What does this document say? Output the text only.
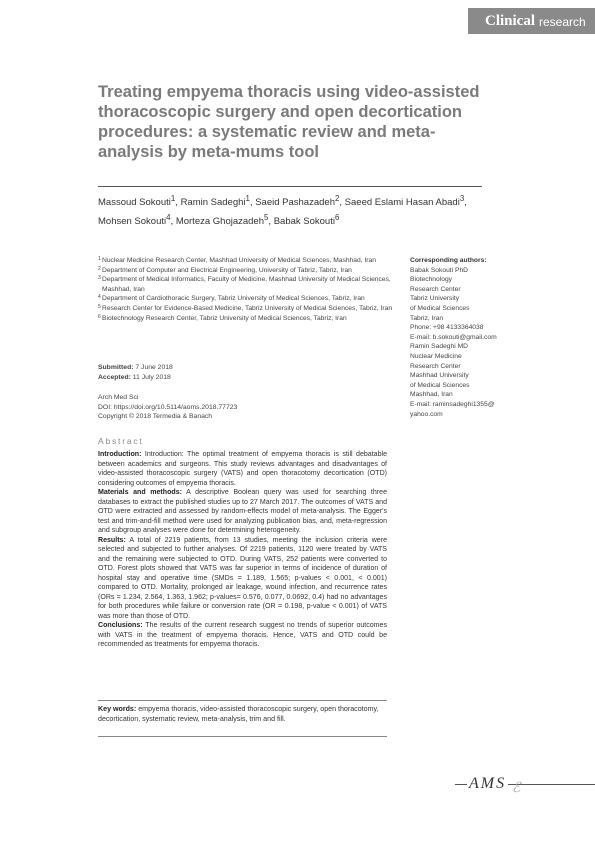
Clinical research
Treating empyema thoracis using video-assisted thoracoscopic surgery and open decortication procedures: a systematic review and meta-analysis by meta-mums tool
Massoud Sokouti$^1$, Ramin Sadeghi$^1$, Saeid Pashazadeh$^2$, Saeed Eslami Hasan Abadi$^3$,
Mohsen Sokouti$^4$, Morteza Ghojazadeh$^5$, Babak Sokouti$^6$
1 Nuclear Medicine Research Center, Mashhad University of Medical Sciences, Mashhad, Iran
2 Department of Computer and Electrical Engineering, University of Tabriz, Tabriz, Iran
3 Department of Medical Informatics, Faculty of Medicine, Mashhad University of Medical Sciences, Mashhad, Iran
4 Department of Cardiothoracic Surgery, Tabriz University of Medical Sciences, Tabriz, Iran
5 Research Center for Evidence-Based Medicine, Tabriz University of Medical Sciences, Tabriz, Iran
6 Biotechnology Research Center, Tabriz University of Medical Sciences, Tabriz, Iran
Submitted: 7 June 2018
Accepted: 11 July 2018
Arch Med Sci
DOI: https://doi.org/10.5114/aoms.2018.77723
Copyright © 2018 Termedia & Banach
Corresponding authors:
Babak Sokouti PhD
Biotechnology
Research Center
Tabriz University
of Medical Sciences
Tabriz, Iran
Phone: +98 4133364038
E-mail: b.sokouti@gmail.com
Ramin Sadeghi MD
Nuclear Medicine
Research Center
Mashhad University
of Medical Sciences
Mashhad, Iran
E-mail: raminsadeghi1355@
yahoo.com
Abstract

Introduction: Introduction: The optimal treatment of empyema thoracis is still debatable between academics and surgeons. This study reviews advantages and disadvantages of video-assisted thoracoscopic surgery (VATS) and open thoracotomy decortication (OTD) considering outcomes of empyema thoracis.

Materials and methods: A descriptive Boolean query was used for searching three databases to extract the published studies up to 27 March 2017. The outcomes of VATS and OTD were extracted and assessed by random-effects model of meta-analysis. The Egger's test and trim-and-fill method were used for analyzing publication bias, and, meta-regression and subgroup analyses were done for determining heterogeneity.

Results: A total of 2219 patients, from 13 studies, meeting the inclusion criteria were selected and subjected to further analyses. Of 2219 patients, 1120 were treated by VATS and the remaining were subjected to OTD. During VATS, 252 patients were converted to OTD. Forest plots showed that VATS was far superior in terms of incidence of duration of hospital stay and operative time (SMDs = 1.189, 1.565; p-values < 0.001, < 0.001) compared to OTD. Mortality, prolonged air leakage, wound infection, and recurrence rates (ORs = 1.234, 2.564, 1.363, 1.962; p-values= 0.576, 0.077, 0.0692, 0.4) had no advantages for both procedures while failure or conversion rate (OR = 0.198, p-value < 0.001) of VATS was more than those of OTD.

Conclusions: The results of the current research suggest no trends of superior outcomes with VATS in the treatment of empyema thoracis. Hence, VATS and OTD could be recommended as treatments for empyema thoracis.

Key words: empyema thoracis, video-assisted thoracoscopic surgery, open thoracotomy, decortication, systematic review, meta-analysis, trim and fill.
AMS ℰ
